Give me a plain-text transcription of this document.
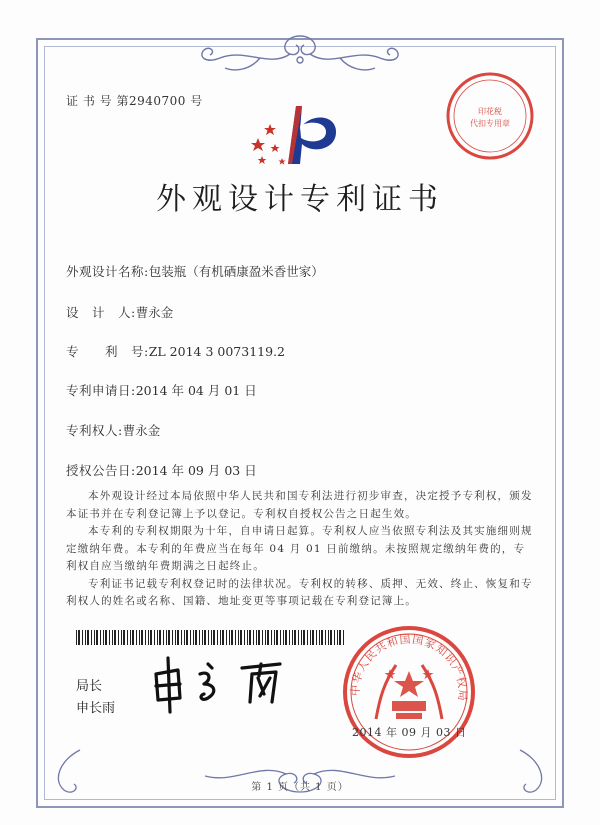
证 书 号 第2940700 号
印花税
代扣专用章
外观设计专利证书
外观设计名称:包装瓶（有机硒康盈米香世家）
设　计　人:曹永金
专　　利　号:ZL 2014 3 0073119.2
专利申请日:2014 年 04 月 01 日
专利权人:曹永金
授权公告日:2014 年 09 月 03 日

本外观设计经过本局依照中华人民共和国专利法进行初步审查，决定授予专利权，颁发本证书并在专利登记簿上予以登记。专利权自授权公告之日起生效。

本专利的专利权期限为十年，自申请日起算。专利权人应当依照专利法及其实施细则规定缴纳年费。本专利的年费应当在每年 04 月 01 日前缴纳。未按照规定缴纳年费的，专利权自应当缴纳年费期满之日起终止。

专利证书记载专利权登记时的法律状况。专利权的转移、质押、无效、终止、恢复和专利权人的姓名或名称、国籍、地址变更等事项记载在专利登记簿上。

局长
申长雨
中华人民共和国国家知识产权局
2014 年 09 月 03 日
第 1 页（共 1 页）
